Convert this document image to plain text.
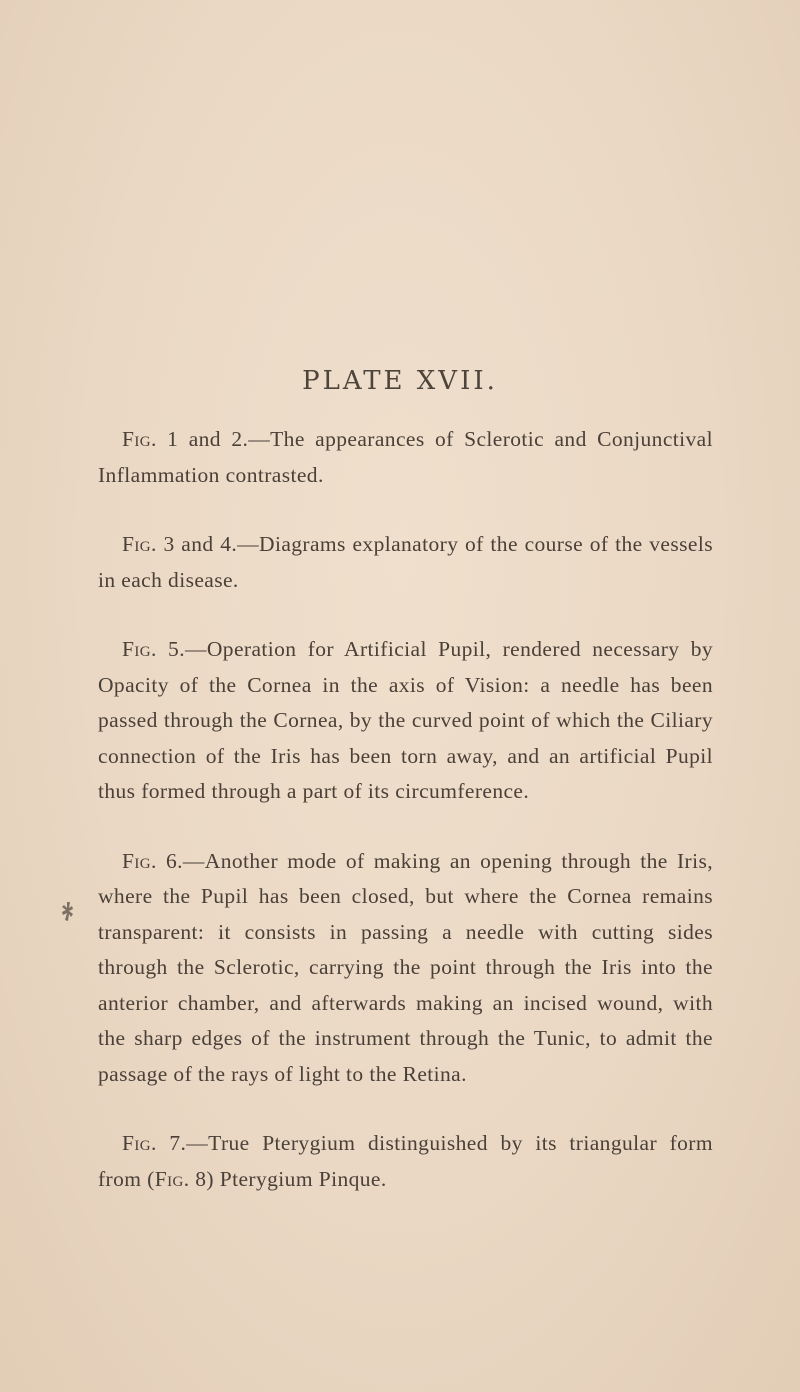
PLATE XVII.

Fig. 1 and 2.—The appearances of Sclerotic and Conjunctival Inflammation contrasted.

Fig. 3 and 4.—Diagrams explanatory of the course of the vessels in each disease.

Fig. 5.—Operation for Artificial Pupil, rendered necessary by Opacity of the Cornea in the axis of Vision: a needle has been passed through the Cornea, by the curved point of which the Ciliary connection of the Iris has been torn away, and an artificial Pupil thus formed through a part of its circumference.

Fig. 6.—Another mode of making an opening through the Iris, where the Pupil has been closed, but where the Cornea remains transparent: it consists in passing a needle with cutting sides through the Sclerotic, carrying the point through the Iris into the anterior chamber, and afterwards making an incised wound, with the sharp edges of the instrument through the Tunic, to admit the passage of the rays of light to the Retina.

Fig. 7.—True Pterygium distinguished by its triangular form from (Fig. 8) Pterygium Pinque.
